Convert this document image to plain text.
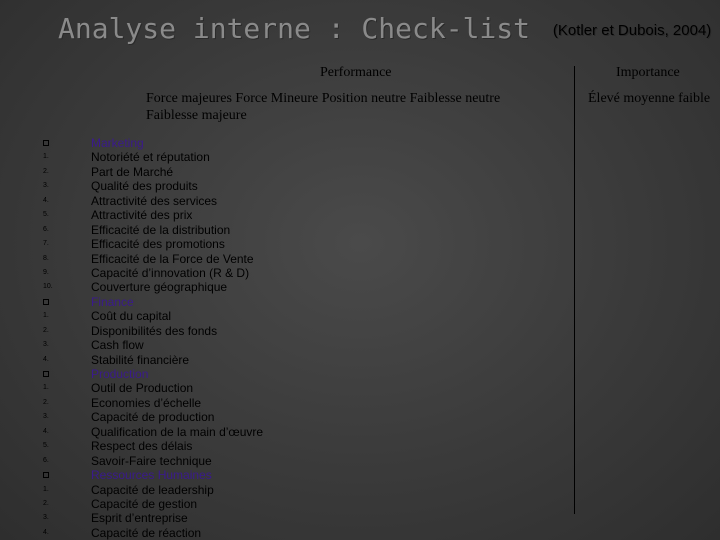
Analyse interne : Check-list (Kotler et Dubois, 2004)
Performance	Importance
Force majeures Force Mineure Position neutre Faiblesse neutre Faiblesse majeure
Élevé moyenne faible
Marketing
1.	Notoriété et réputation
2.	Part de Marché
3.	Qualité des produits
4.	Attractivité des services
5.	Attractivité des prix
6.	Efficacité de la distribution
7.	Efficacité des promotions
8.	Efficacité de la Force de Vente
9.	Capacité d’innovation (R & D)
10.	Couverture géographique
Finance
1.	Coût du capital
2.	Disponibilités des fonds
3.	Cash flow
4.	Stabilité financière
Production
1.	Outil de Production
2.	Economies d’échelle
3.	Capacité de production
4.	Qualification de la main d’œuvre
5.	Respect des délais
6.	Savoir-Faire technique
Ressources Humaines
1.	Capacité de leadership
2.	Capacité de gestion
3.	Esprit d’entreprise
4.	Capacité de réaction
